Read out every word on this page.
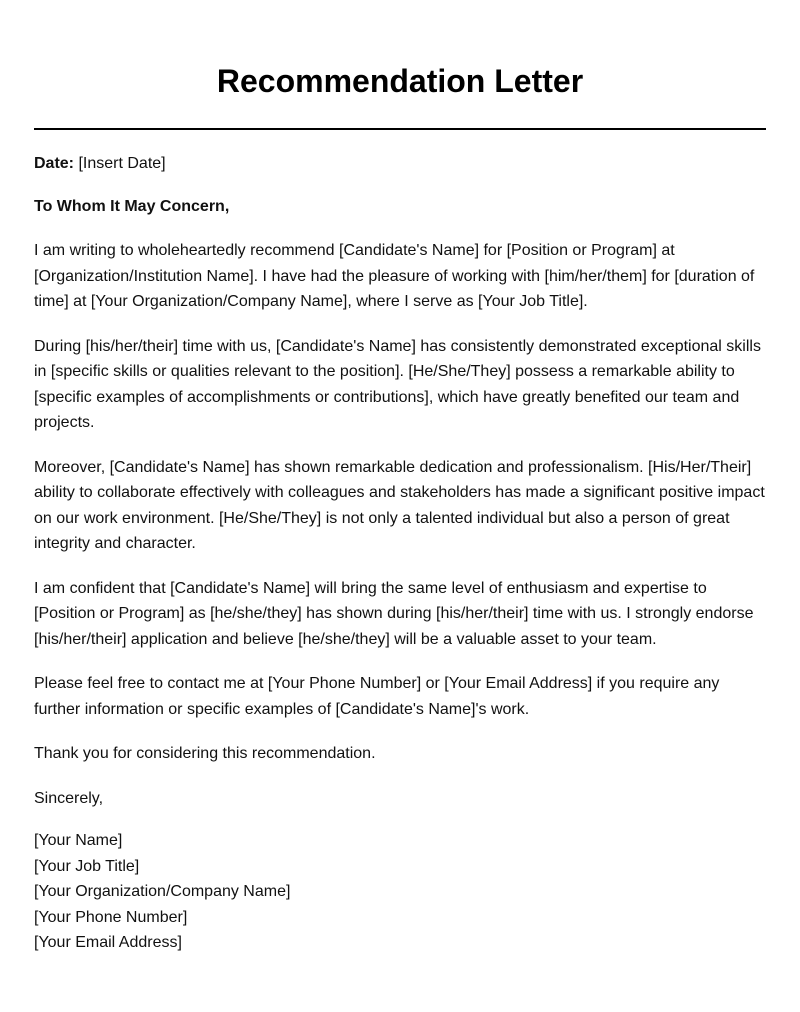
Recommendation Letter

Date: [Insert Date]

To Whom It May Concern,

I am writing to wholeheartedly recommend [Candidate's Name] for [Position or Program] at [Organization/Institution Name]. I have had the pleasure of working with [him/her/them] for [duration of time] at [Your Organization/Company Name], where I serve as [Your Job Title].

During [his/her/their] time with us, [Candidate's Name] has consistently demonstrated exceptional skills in [specific skills or qualities relevant to the position]. [He/She/They] possess a remarkable ability to [specific examples of accomplishments or contributions], which have greatly benefited our team and projects.

Moreover, [Candidate's Name] has shown remarkable dedication and professionalism. [His/Her/Their] ability to collaborate effectively with colleagues and stakeholders has made a significant positive impact on our work environment. [He/She/They] is not only a talented individual but also a person of great integrity and character.

I am confident that [Candidate's Name] will bring the same level of enthusiasm and expertise to [Position or Program] as [he/she/they] has shown during [his/her/their] time with us. I strongly endorse [his/her/their] application and believe [he/she/they] will be a valuable asset to your team.

Please feel free to contact me at [Your Phone Number] or [Your Email Address] if you require any further information or specific examples of [Candidate's Name]'s work.

Thank you for considering this recommendation.

Sincerely,

[Your Name]
[Your Job Title]
[Your Organization/Company Name]
[Your Phone Number]
[Your Email Address]
